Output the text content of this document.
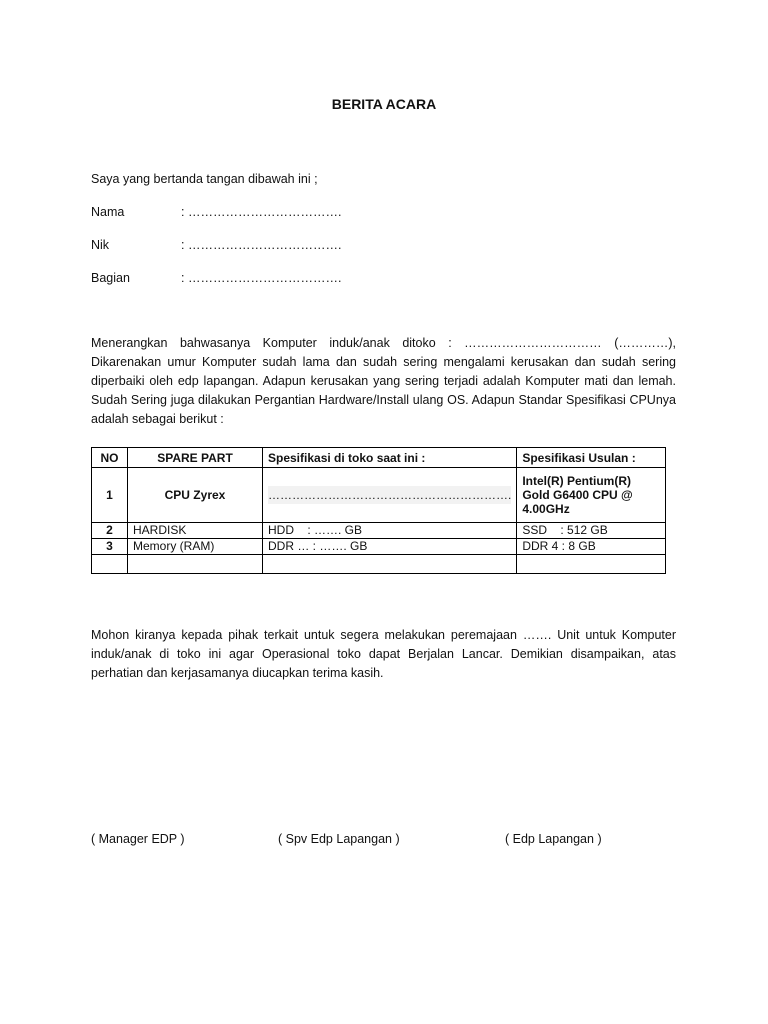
BERITA ACARA
Saya yang bertanda tangan dibawah ini ;
Nama	: ……………………………….
Nik	: ……………………………….
Bagian	: ……………………………….
Menerangkan bahwasanya Komputer induk/anak ditoko : …………………………… (…………), Dikarenakan umur Komputer sudah lama dan sudah sering mengalami kerusakan dan sudah sering diperbaiki oleh edp lapangan. Adapun kerusakan yang sering terjadi adalah Komputer mati dan lemah. Sudah Sering juga dilakukan Pergantian Hardware/Install ulang OS. Adapun Standar Spesifikasi CPUnya adalah sebagai berikut :
NO	SPARE PART	Spesifikasi di toko saat ini :	Spesifikasi Usulan :
1	CPU Zyrex	…………………………………………………….	Intel(R) Pentium(R) Gold G6400 CPU @ 4.00GHz
2	HARDISK	HDD    : ……. GB	SSD    : 512 GB
3	Memory (RAM)	DDR … : ……. GB	DDR 4 : 8 GB

Mohon kiranya kepada pihak terkait untuk segera melakukan peremajaan ……. Unit untuk Komputer induk/anak di toko ini agar Operasional toko dapat Berjalan Lancar. Demikian disampaikan, atas perhatian dan kerjasamanya diucapkan terima kasih.
( Manager EDP )	( Spv Edp Lapangan )	( Edp Lapangan )
